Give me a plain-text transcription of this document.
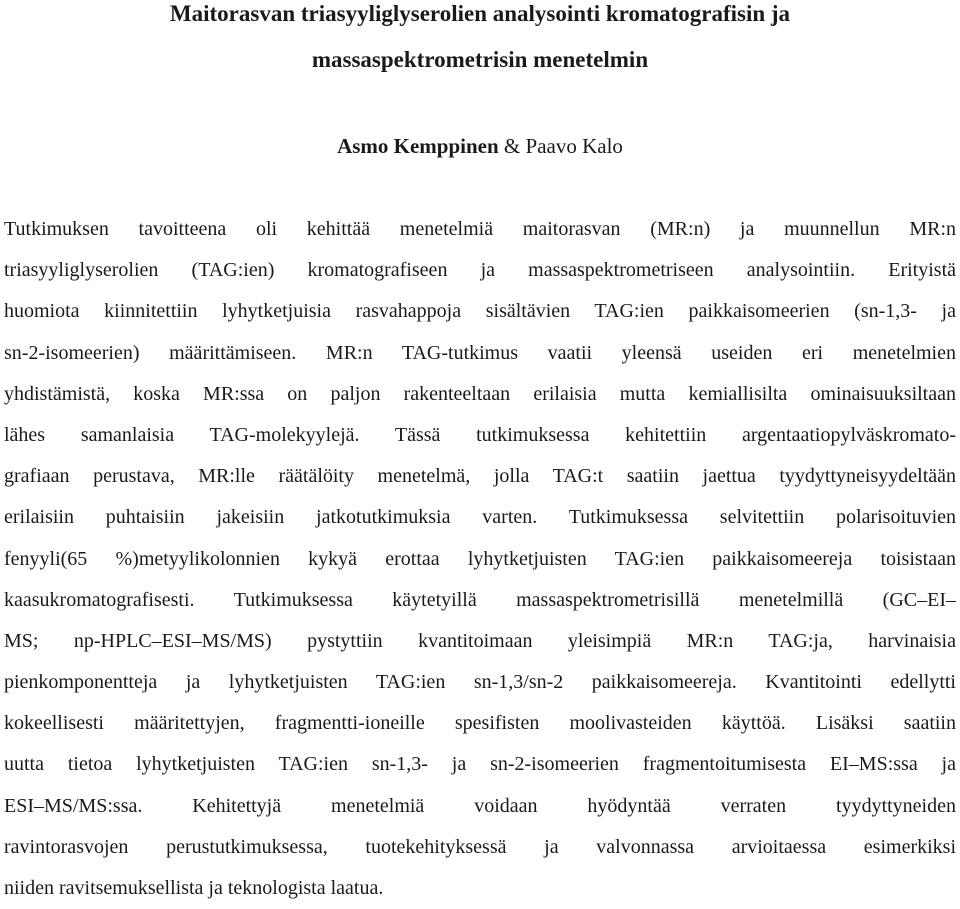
Maitorasvan triasyyliglyserolien analysointi kromatografisin ja
massaspektrometrisin menetelmin
Asmo Kemppinen & Paavo Kalo
Tutkimuksen tavoitteena oli kehittää menetelmiä maitorasvan (MR:n) ja muunnellun MR:n
triasyyliglyserolien (TAG:ien) kromatografiseen ja massaspektrometriseen analysointiin. Erityistä
huomiota kiinnitettiin lyhytketjuisia rasvahappoja sisältävien TAG:ien paikkaisomeerien (sn-1,3- ja
sn-2-isomeerien) määrittämiseen. MR:n TAG-tutkimus vaatii yleensä useiden eri menetelmien
yhdistämistä, koska MR:ssa on paljon rakenteeltaan erilaisia mutta kemiallisilta ominaisuuksiltaan
lähes samanlaisia TAG-molekyylejä. Tässä tutkimuksessa kehitettiin argentaatiopylväskromato-
grafiaan perustava, MR:lle räätälöity menetelmä, jolla TAG:t saatiin jaettua tyydyttyneisyydeltään
erilaisiin puhtaisiin jakeisiin jatkotutkimuksia varten. Tutkimuksessa selvitettiin polarisoituvien
fenyyli(65 %)metyylikolonnien kykyä erottaa lyhytketjuisten TAG:ien paikkaisomeereja toisistaan
kaasukromatografisesti. Tutkimuksessa käytetyillä massaspektrometrisillä menetelmillä (GC–EI–
MS; np-HPLC–ESI–MS/MS) pystyttiin kvantitoimaan yleisimpiä MR:n TAG:ja, harvinaisia
pienkomponentteja ja lyhytketjuisten TAG:ien sn-1,3/sn-2 paikkaisomeereja. Kvantitointi edellytti
kokeellisesti määritettyjen, fragmentti-ioneille spesifisten moolivasteiden käyttöä. Lisäksi saatiin
uutta tietoa lyhytketjuisten TAG:ien sn-1,3- ja sn-2-isomeerien fragmentoitumisesta EI–MS:ssa ja
ESI–MS/MS:ssa. Kehitettyjä menetelmiä voidaan hyödyntää verraten tyydyttyneiden
ravintorasvojen perustutkimuksessa, tuotekehityksessä ja valvonnassa arvioitaessa esimerkiksi
niiden ravitsemuksellista ja teknologista laatua.
